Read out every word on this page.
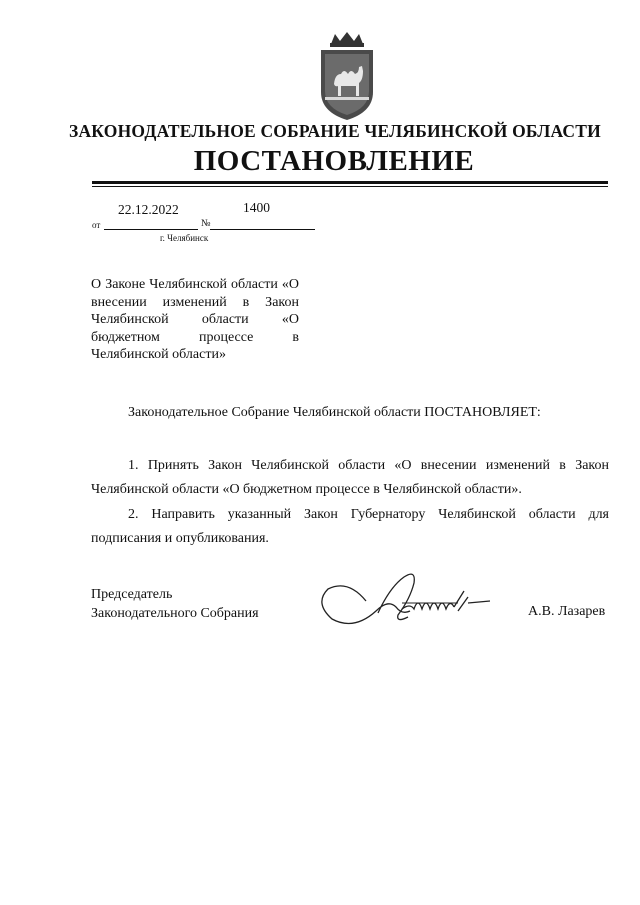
ЗАКОНОДАТЕЛЬНОЕ СОБРАНИЕ ЧЕЛЯБИНСКОЙ ОБЛАСТИ
ПОСТАНОВЛЕНИЕ
от
22.12.2022
№
1400
г. Челябинск
О Законе Челябинской области «О внесении изменений в Закон Челябинской области «О бюджетном процессе в Челябинской области»
Законодательное Собрание Челябинской области ПОСТАНОВЛЯЕТ:
1. Принять Закон Челябинской области «О внесении изменений в Закон Челябинской области «О бюджетном процессе в Челябинской области».
2. Направить указанный Закон Губернатору Челябинской области для подписания и опубликования.
Председатель
Законодательного Собрания	А.В. Лазарев
